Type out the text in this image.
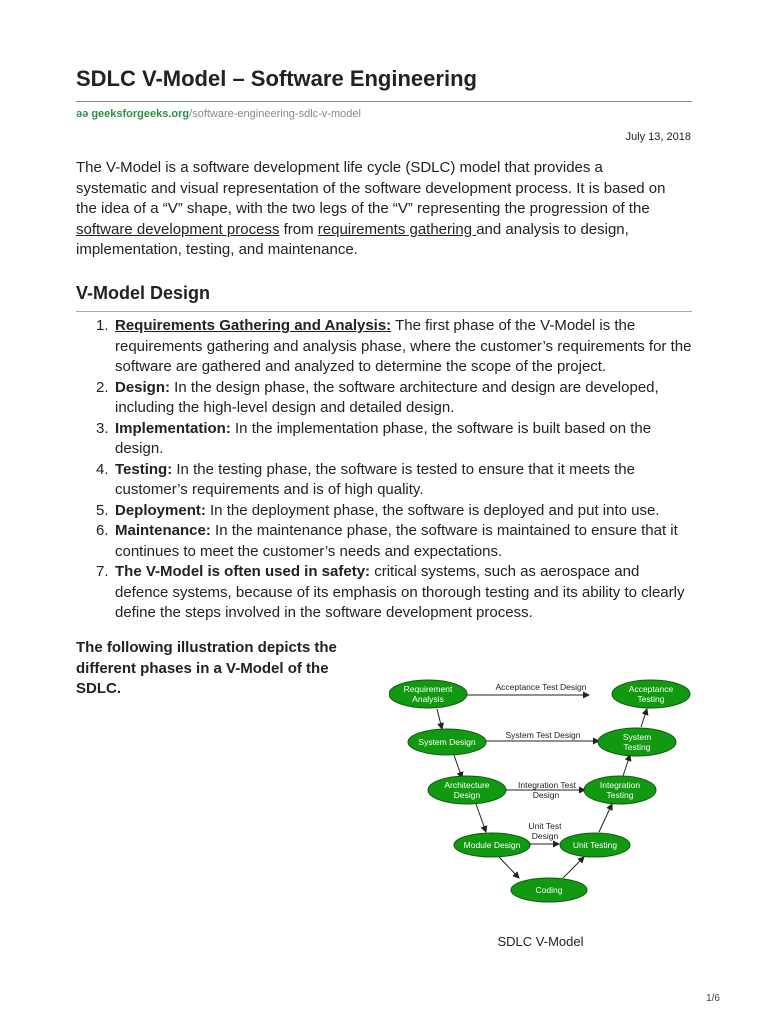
SDLC V-Model – Software Engineering
ǝǝ geeksforgeeks.org/software-engineering-sdlc-v-model
July 13, 2018

The V-Model is a software development life cycle (SDLC) model that provides a systematic and visual representation of the software development process. It is based on the idea of a “V” shape, with the two legs of the “V” representing the progression of the software development process from requirements gathering and analysis to design, implementation, testing, and maintenance.

V-Model Design
1. Requirements Gathering and Analysis: The first phase of the V-Model is the requirements gathering and analysis phase, where the customer’s requirements for the software are gathered and analyzed to determine the scope of the project.
2. Design: In the design phase, the software architecture and design are developed, including the high-level design and detailed design.
3. Implementation: In the implementation phase, the software is built based on the design.
4. Testing: In the testing phase, the software is tested to ensure that it meets the customer’s requirements and is of high quality.
5. Deployment: In the deployment phase, the software is deployed and put into use.
6. Maintenance: In the maintenance phase, the software is maintained to ensure that it continues to meet the customer’s needs and expectations.
7. The V-Model is often used in safety: critical systems, such as aerospace and defence systems, because of its emphasis on thorough testing and its ability to clearly define the steps involved in the software development process.

The following illustration depicts the different phases in a V-Model of the SDLC.	Acceptance Test Design
System Test Design
Integration Test
Design
Unit Test
Design
Requirement
Analysis
Acceptance
Testing
System Design	System
Testing
Architecture
Design
Integration
Testing
Module Design	Unit Testing
Coding
SDLC V-Model
1/6
